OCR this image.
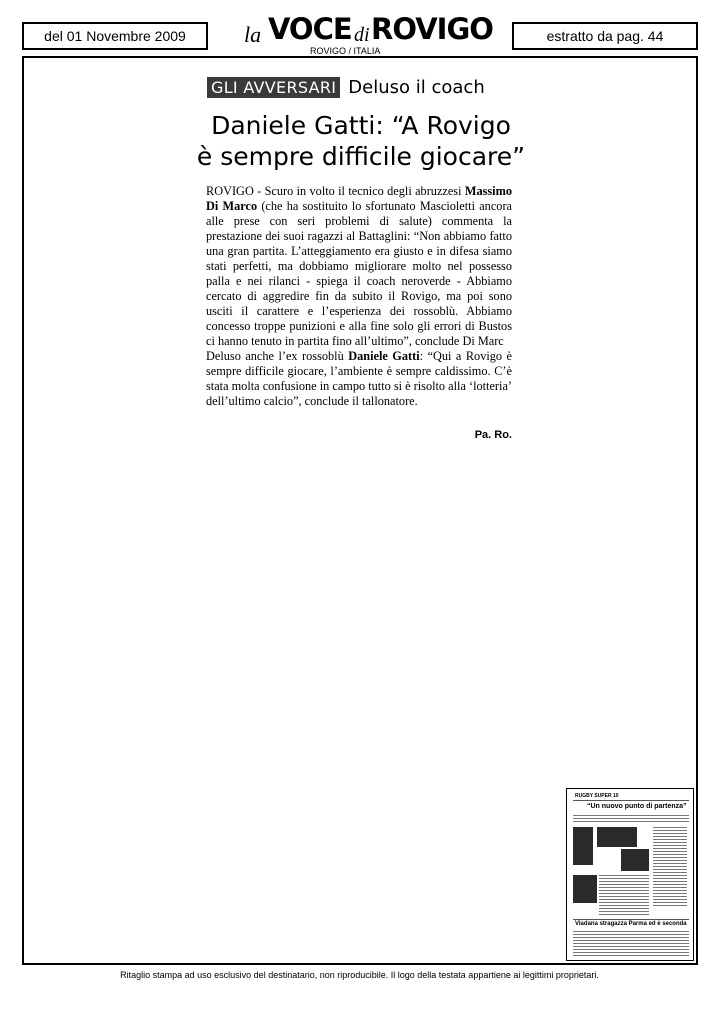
del 01 Novembre 2009	la VOCE di ROVIGO
ROVIGO / ITALIA
estratto da pag. 44
GLI AVVERSARI Deluso il coach
Daniele Gatti: “A Rovigo
è sempre difficile giocare”

ROVIGO - Scuro in volto il tecnico degli abruzzesi Massimo Di Marco (che ha sostituito lo sfortunato Mascioletti ancora alle prese con seri problemi di salute) commenta la prestazione dei suoi ragazzi al Battaglini: “Non abbiamo fatto una gran partita. L’atteggiamento era giusto e in difesa siamo stati perfetti, ma dobbiamo migliorare molto nel possesso palla e nei rilanci - spiega il coach neroverde - Abbiamo cercato di aggredire fin da subito il Rovigo, ma poi sono usciti il carattere e l’esperienza dei rossoblù. Abbiamo concesso troppe punizioni e alla fine solo gli errori di Bustos ci hanno tenuto in partita fino all’ultimo”, conclude Di Marc

Deluso anche l’ex rossoblù Daniele Gatti: “Qui a Rovigo è sempre difficile giocare, l’ambiente è sempre caldissimo. C’è stata molta confusione in campo tutto si è risolto alla ‘lotteria’ dell’ultimo calcio”, conclude il tallonatore.

Pa. Ro.
RUGBY SUPER 10
“Un nuovo punto di partenza”
Viadana stragazza Parma ed è seconda
Ritaglio stampa ad uso esclusivo del destinatario, non riproducibile. Il logo della testata appartiene ai legittimi proprietari.
